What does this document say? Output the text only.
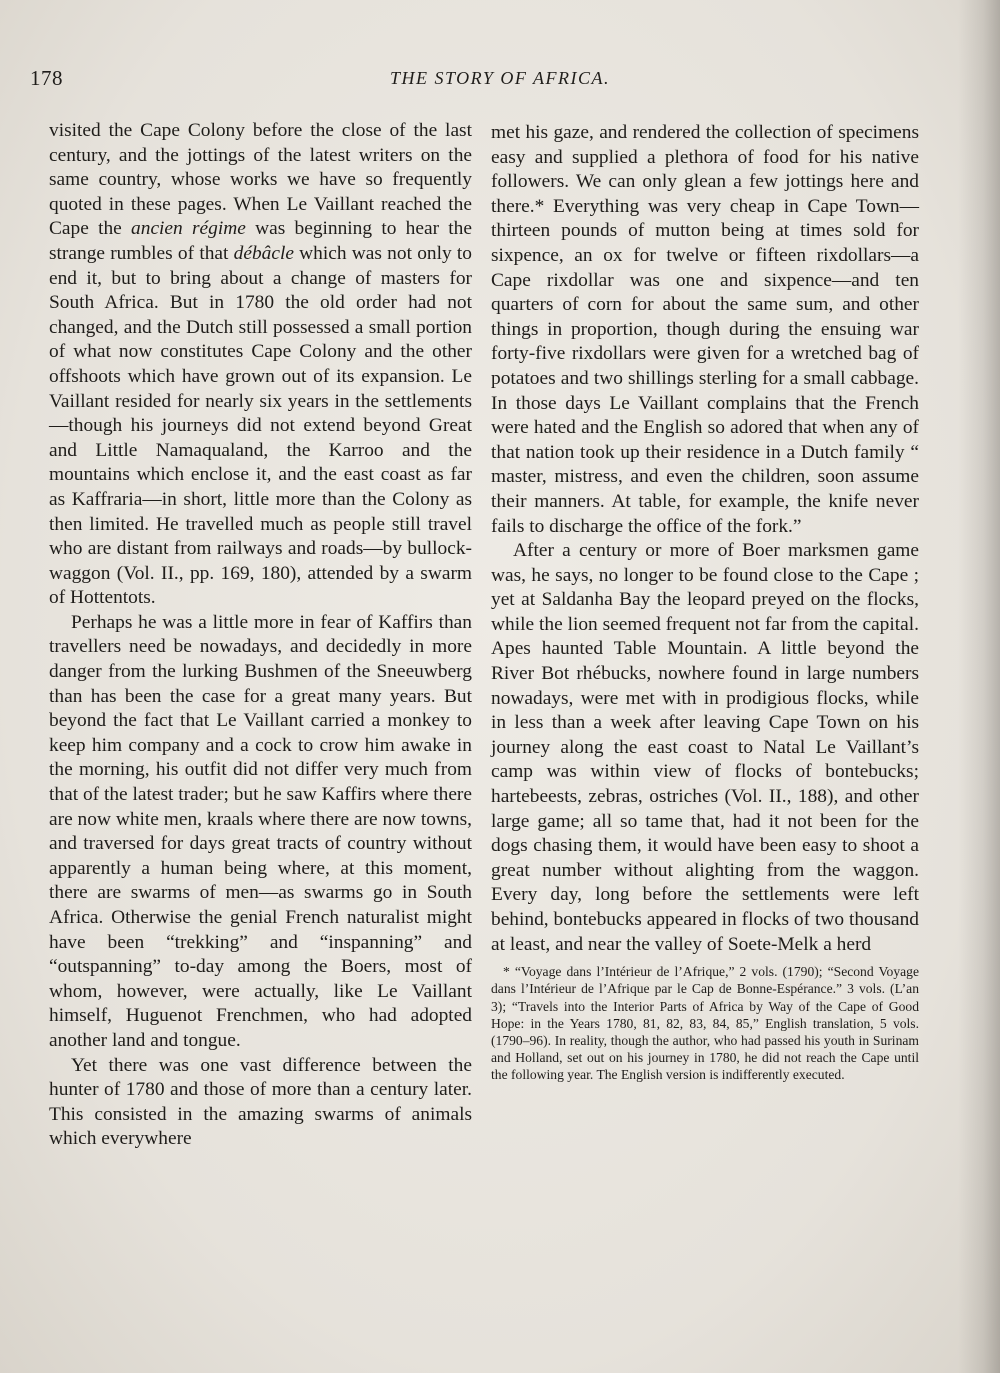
178	THE STORY OF AFRICA.

visited the Cape Colony before the close of the last century, and the jottings of the latest writers on the same country, whose works we have so frequently quoted in these pages. When Le Vaillant reached the Cape the ancien régime was beginning to hear the strange rumbles of that débâcle which was not only to end it, but to bring about a change of masters for South Africa. But in 1780 the old order had not changed, and the Dutch still possessed a small portion of what now constitutes Cape Colony and the other offshoots which have grown out of its expansion. Le Vaillant resided for nearly six years in the settlements—though his journeys did not extend beyond Great and Little Namaqualand, the Karroo and the mountains which enclose it, and the east coast as far as Kaffraria—in short, little more than the Colony as then limited. He travelled much as people still travel who are distant from railways and roads—by bullock-waggon (Vol. II., pp. 169, 180), attended by a swarm of Hottentots.

Perhaps he was a little more in fear of Kaffirs than travellers need be nowadays, and decidedly in more danger from the lurking Bushmen of the Sneeuwberg than has been the case for a great many years. But beyond the fact that Le Vaillant carried a monkey to keep him company and a cock to crow him awake in the morning, his outfit did not differ very much from that of the latest trader; but he saw Kaffirs where there are now white men, kraals where there are now towns, and traversed for days great tracts of country without apparently a human being where, at this moment, there are swarms of men—as swarms go in South Africa. Otherwise the genial French naturalist might have been “trekking” and “inspanning” and “outspanning” to-day among the Boers, most of whom, however, were actually, like Le Vaillant himself, Huguenot Frenchmen, who had adopted another land and tongue.

Yet there was one vast difference between the hunter of 1780 and those of more than a century later. This consisted in the amazing swarms of animals which everywhere

met his gaze, and rendered the collection of specimens easy and supplied a plethora of food for his native followers. We can only glean a few jottings here and there.* Everything was very cheap in Cape Town—thirteen pounds of mutton being at times sold for sixpence, an ox for twelve or fifteen rixdollars—a Cape rixdollar was one and sixpence—and ten quarters of corn for about the same sum, and other things in proportion, though during the ensuing war forty-five rixdollars were given for a wretched bag of potatoes and two shillings sterling for a small cabbage. In those days Le Vaillant complains that the French were hated and the English so adored that when any of that nation took up their residence in a Dutch family “ master, mistress, and even the children, soon assume their manners. At table, for example, the knife never fails to discharge the office of the fork.”

After a century or more of Boer marksmen game was, he says, no longer to be found close to the Cape ; yet at Saldanha Bay the leopard preyed on the flocks, while the lion seemed frequent not far from the capital. Apes haunted Table Mountain. A little beyond the River Bot rhébucks, nowhere found in large numbers nowadays, were met with in prodigious flocks, while in less than a week after leaving Cape Town on his journey along the east coast to Natal Le Vaillant’s camp was within view of flocks of bontebucks; hartebeests, zebras, ostriches (Vol. II., 188), and other large game; all so tame that, had it not been for the dogs chasing them, it would have been easy to shoot a great number without alighting from the waggon. Every day, long before the settlements were left behind, bontebucks appeared in flocks of two thousand at least, and near the valley of Soete-Melk a herd

* “Voyage dans l’Intérieur de l’Afrique,” 2 vols. (1790); “Second Voyage dans l’Intérieur de l’Afrique par le Cap de Bonne-Espérance.” 3 vols. (L’an 3); “Travels into the Interior Parts of Africa by Way of the Cape of Good Hope: in the Years 1780, 81, 82, 83, 84, 85,” English translation, 5 vols. (1790–96). In reality, though the author, who had passed his youth in Surinam and Holland, set out on his journey in 1780, he did not reach the Cape until the following year. The English version is indifferently executed.
